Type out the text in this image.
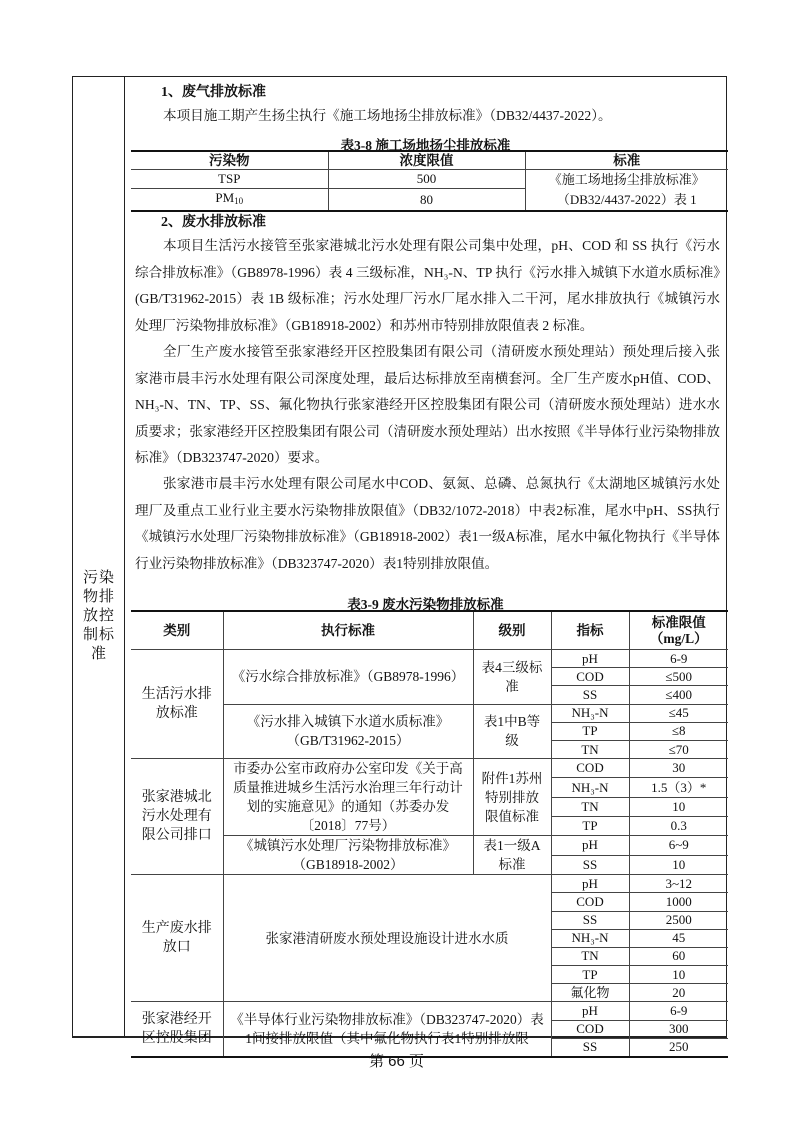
污染物排放控制标准
1、废气排放标准
本项目施工期产生扬尘执行《施工场地扬尘排放标准》（DB32/4437-2022）。
表3-8 施工场地扬尘排放标准
污染物	浓度限值	标准
TSP	500	《施工场地扬尘排放标准》（DB32/4437-2022）表 1
$PM_{10}$	80	
2、废水排放标准
本项目生活污水接管至张家港城北污水处理有限公司集中处理，pH、COD 和 SS 执行《污水综合排放标准》（GB8978-1996）表 4 三级标准，NH₃-N、TP 执行《污水排入城镇下水道水质标准》(GB/T31962-2015）表 1B 级标准；污水处理厂污水厂尾水排入二干河，尾水排放执行《城镇污水处理厂污染物排放标准》（GB18918-2002）和苏州市特别排放限值表 2 标准。
全厂生产废水接管至张家港经开区控股集团有限公司（清研废水预处理站）预处理后接入张家港市晨丰污水处理有限公司深度处理，最后达标排放至南横套河。全厂生产废水pH值、COD、NH₃-N、TN、TP、SS、氟化物执行张家港经开区控股集团有限公司（清研废水预处理站）进水水质要求；张家港经开区控股集团有限公司（清研废水预处理站）出水按照《半导体行业污染物排放标准》（DB323747-2020）要求。
张家港市晨丰污水处理有限公司尾水中COD、氨氮、总磷、总氮执行《太湖地区城镇污水处理厂及重点工业行业主要水污染物排放限值》（DB32/1072-2018）中表2标准，尾水中pH、SS执行《城镇污水处理厂污染物排放标准》（GB18918-2002）表1一级A标准，尾水中氟化物执行《半导体行业污染物排放标准》（DB323747-2020）表1特别排放限值。
表3-9 废水污染物排放标准
类别	执行标准	级别	指标	标准限值（mg/L）
生活污水排放标准	《污水综合排放标准》（GB8978-1996）	表4三级标准	pH	6-9
			COD	≤500
			SS	≤400
	《污水排入城镇下水道水质标准》（GB/T31962-2015）	表1中B等级	NH₃-N	≤45
			TP	≤8
			TN	≤70
张家港城北污水处理有限公司排口	市委办公室市政府办公室印发《关于高质量推进城乡生活污水治理三年行动计划的实施意见》的通知（苏委办发〔2018〕77号）	附件1苏州特别排放限值标准	COD	30
			NH₃-N	1.5（3）*
			TN	10
			TP	0.3
	《城镇污水处理厂污染物排放标准》（GB18918-2002）	表1一级A标准	pH	6~9
			SS	10
生产废水排放口	张家港清研废水预处理设施设计进水水质		pH	3~12
			COD	1000
			SS	2500
			NH₃-N	45
			TN	60
			TP	10
			氟化物	20
张家港经开区控股集团	《半导体行业污染物排放标准》（DB323747-2020）表1间接排放限值（其中氟化物执行表1特别排放限		pH	6-9
			COD	300
			SS	250
第 66 页
